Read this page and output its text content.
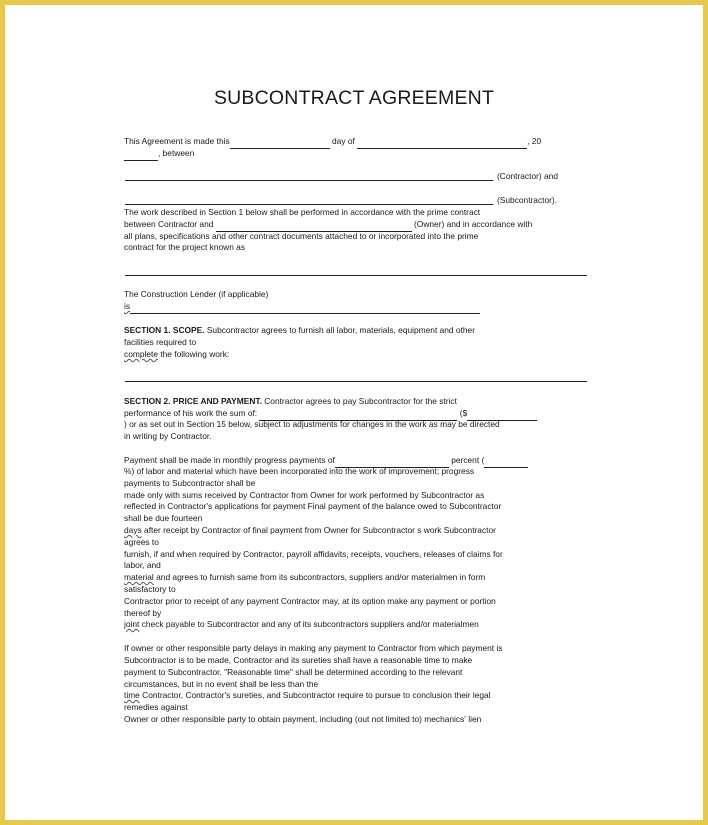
SUBCONTRACT AGREEMENT
This Agreement is made this	day of	, 20
, between
(Contractor) and
(Subcontractor).
The work described in Section 1 below shall be performed in accordance with the prime contract
between Contractor and	(Owner) and in accordance with
all plans, specifications and other contract documents attached to or incorporated into the prime
contract for the project known as
The Construction Lender (if applicable)
is
SECTION 1. SCOPE. Subcontractor agrees to furnish all labor, materials, equipment and other
facilities required to
complete the following work:
SECTION 2. PRICE AND PAYMENT. Contractor agrees to pay Subcontractor for the strict
performance of his work the sum of:	($
) or as set out in Section 15 below, subject to adjustments for changes in the work as may be directed
in writing by Contractor.
Payment shall be made in monthly progress payments of	percent (
%) of labor and material which have been incorporated into the work of improvement; progress
payments to Subcontractor shall be
made only with sums received by Contractor from Owner for work performed by Subcontractor as
reflected in Contractor's applications for payment Final payment of the balance owed to Subcontractor
shall be due fourteen
days after receipt by Contractor of final payment from Owner for Subcontractor s work Subcontractor
agrees to
furnish, if and when required by Contractor, payroll affidavits, receipts, vouchers, releases of claims for
labor, and
material and agrees to furnish same from its subcontractors, suppliers and/or materialmen in form
satisfactory to
Contractor prior to receipt of any payment Contractor may, at its option make any payment or portion
thereof by
joint check payable to Subcontractor and any of its subcontractors suppliers and/or materialmen
If owner or other responsible party delays in making any payment to Contractor from which payment is
Subcontractor is to be made, Contractor and its sureties shall have a reasonable time to make
payment to Subcontractor. "Reasonable time" shall be determined according to the relevant
circumstances, but in no event shall be less than the
time Contractor, Contractor's sureties, and Subcontractor require to pursue to conclusion their legal
remedies against
Owner or other responsible party to obtain payment, including (out not limited to) mechanics' lien
